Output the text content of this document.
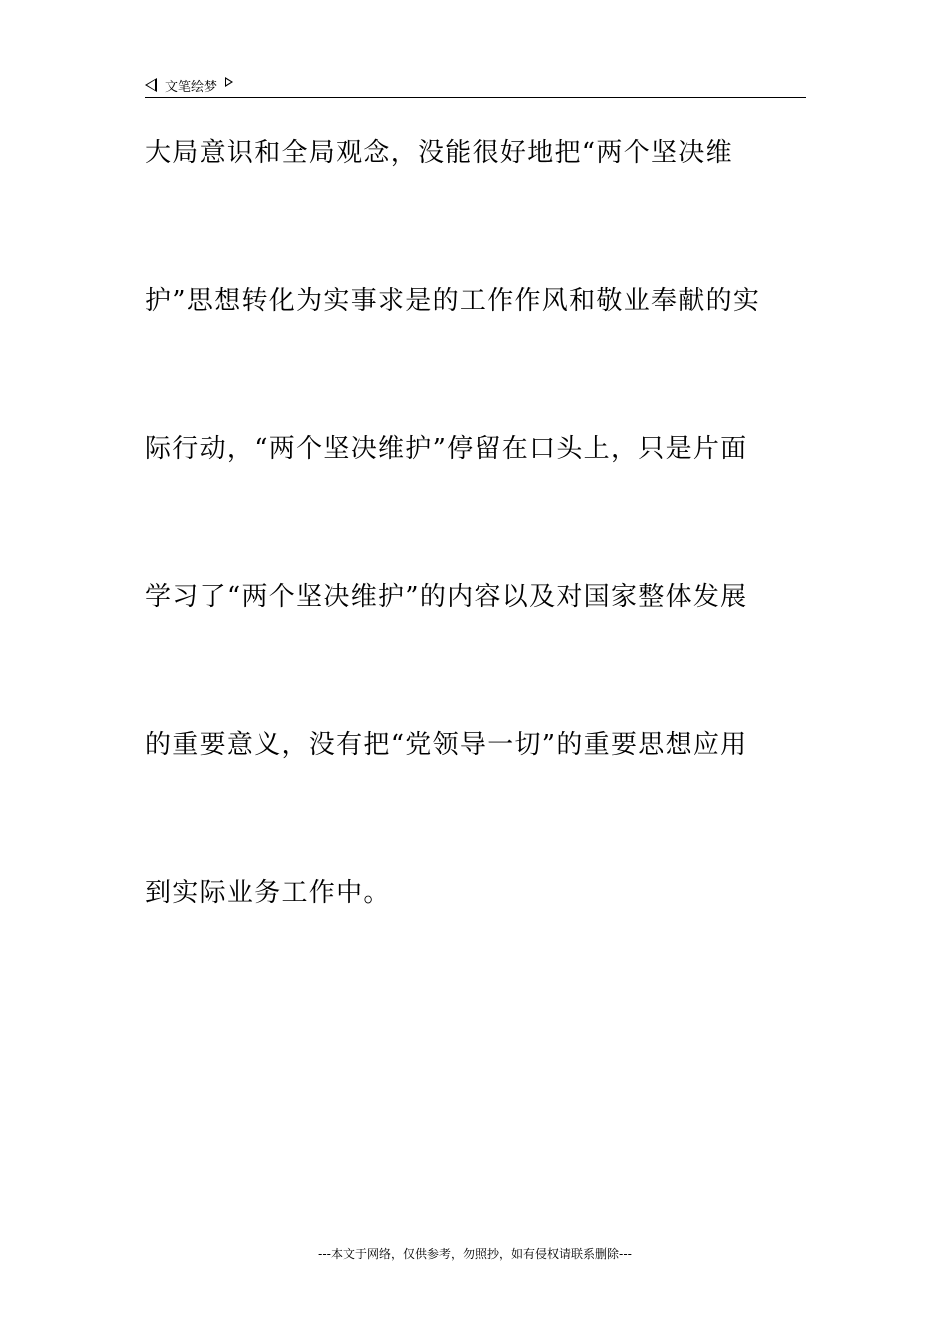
文笔绘梦
大局意识和全局观念，没能很好地把“两个坚决维
护”思想转化为实事求是的工作作风和敬业奉献的实
际行动，“两个坚决维护”停留在口头上，只是片面
学习了“两个坚决维护”的内容以及对国家整体发展
的重要意义，没有把“党领导一切”的重要思想应用
到实际业务工作中。
---本文于网络，仅供参考，勿照抄，如有侵权请联系删除---
